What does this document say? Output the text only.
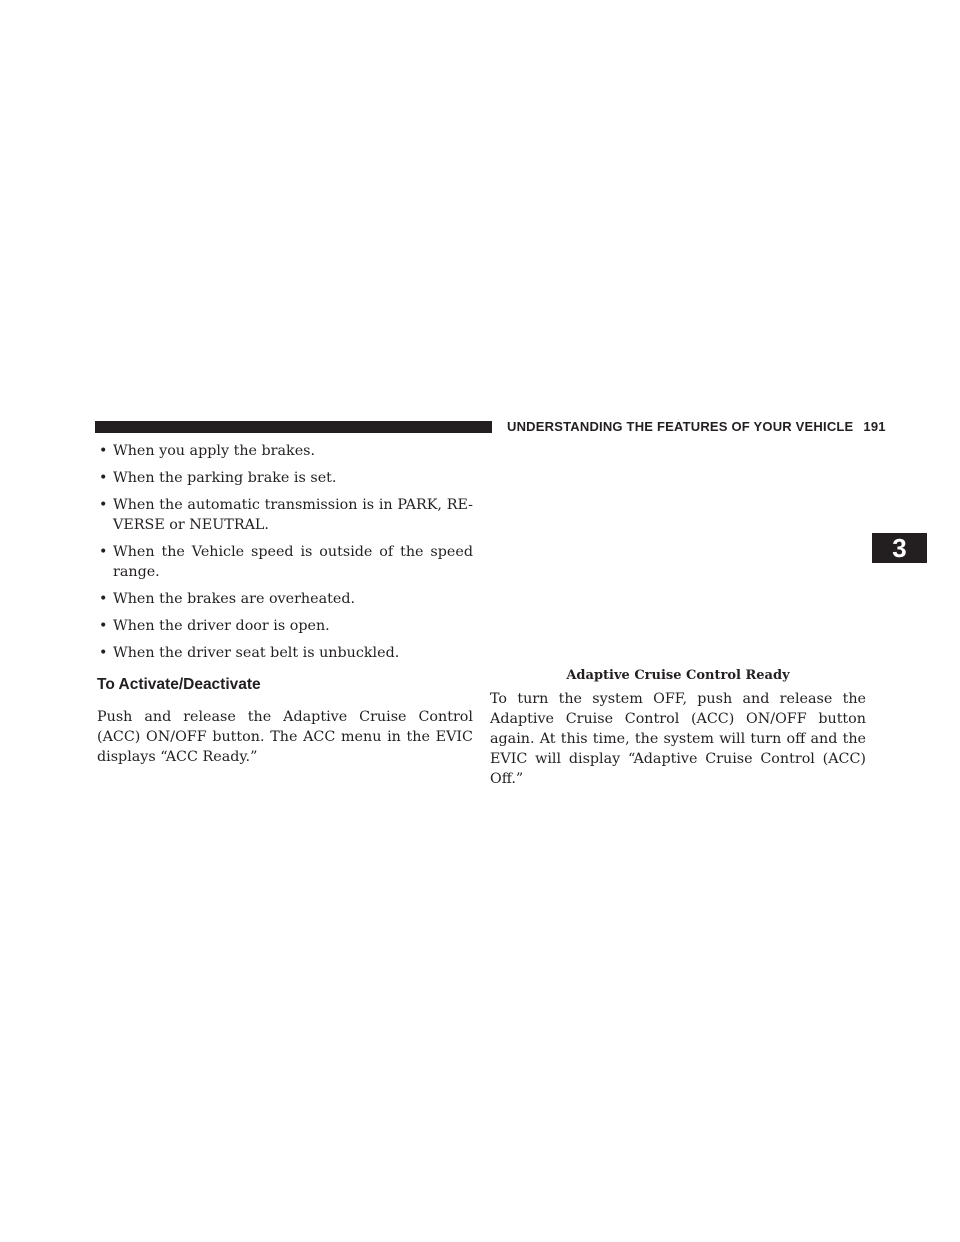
UNDERSTANDING THE FEATURES OF YOUR VEHICLE 191
3
• When you apply the brakes.
• When the parking brake is set.
• When the automatic transmission is in PARK, RE-VERSE or NEUTRAL.
• When the Vehicle speed is outside of the speed range.
• When the brakes are overheated.
• When the driver door is open.
• When the driver seat belt is unbuckled.
To Activate/Deactivate

Push and release the Adaptive Cruise Control (ACC) ON/OFF button. The ACC menu in the EVIC displays “ACC Ready.”

Adaptive Cruise Control Ready

To turn the system OFF, push and release the Adaptive Cruise Control (ACC) ON/OFF button again. At this time, the system will turn off and the EVIC will display “Adaptive Cruise Control (ACC) Off.”
